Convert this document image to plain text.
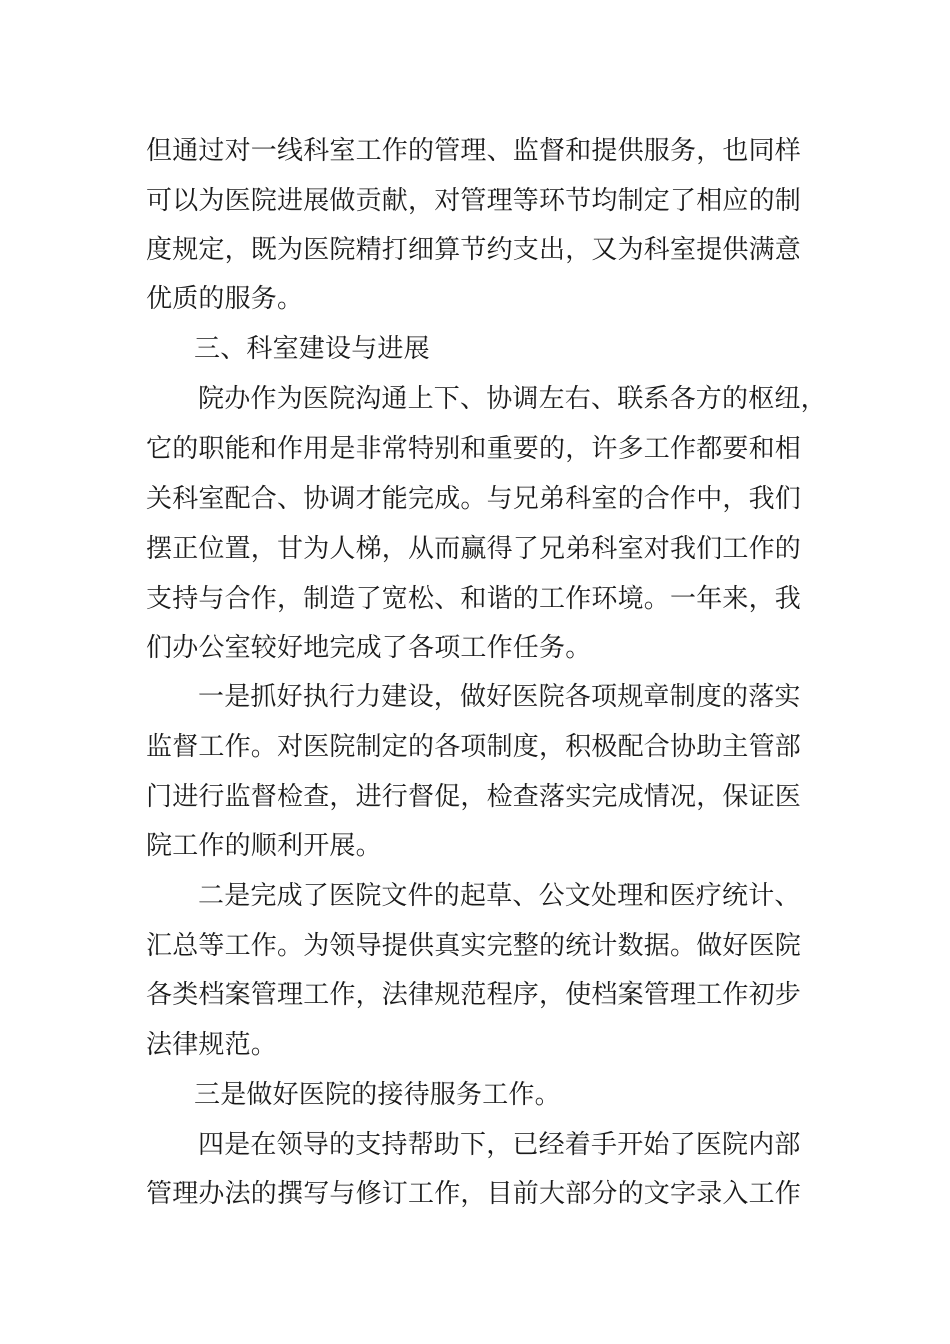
但通过对一线科室工作的管理、监督和提供服务，也同样
可以为医院进展做贡献，对管理等环节均制定了相应的制
度规定，既为医院精打细算节约支出，又为科室提供满意
优质的服务。
三、科室建设与进展
院办作为医院沟通上下、协调左右、联系各方的枢纽，
它的职能和作用是非常特别和重要的，许多工作都要和相
关科室配合、协调才能完成。与兄弟科室的合作中，我们
摆正位置，甘为人梯，从而赢得了兄弟科室对我们工作的
支持与合作，制造了宽松、和谐的工作环境。一年来，我
们办公室较好地完成了各项工作任务。
一是抓好执行力建设，做好医院各项规章制度的落实
监督工作。对医院制定的各项制度，积极配合协助主管部
门进行监督检查，进行督促，检查落实完成情况，保证医
院工作的顺利开展。
二是完成了医院文件的起草、公文处理和医疗统计、
汇总等工作。为领导提供真实完整的统计数据。做好医院
各类档案管理工作，法律规范程序，使档案管理工作初步
法律规范。
三是做好医院的接待服务工作。
四是在领导的支持帮助下，已经着手开始了医院内部
管理办法的撰写与修订工作，目前大部分的文字录入工作
